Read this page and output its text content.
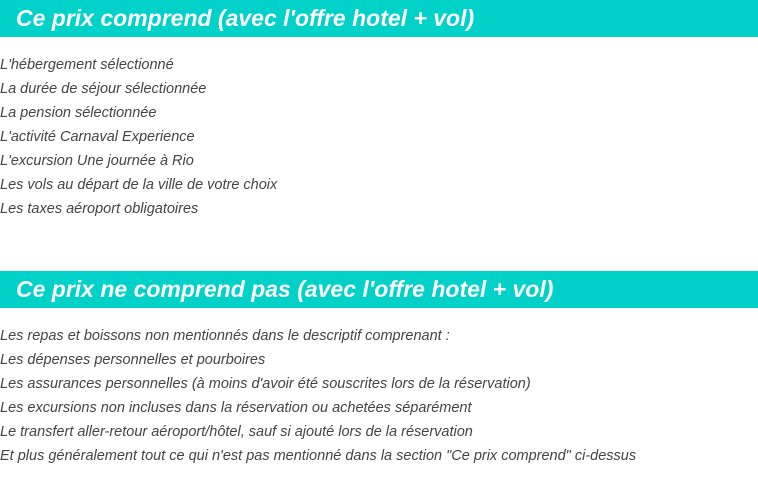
Ce prix comprend (avec l'offre hotel + vol)
L'hébergement sélectionné
La durée de séjour sélectionnée
La pension sélectionnée
L'activité Carnaval Experience
L'excursion Une journée à Rio
Les vols au départ de la ville de votre choix
Les taxes aéroport obligatoires
Ce prix ne comprend pas (avec l'offre hotel + vol)
Les repas et boissons non mentionnés dans le descriptif comprenant :
Les dépenses personnelles et pourboires
Les assurances personnelles (à moins d'avoir été souscrites lors de la réservation)
Les excursions non incluses dans la réservation ou achetées séparément
Le transfert aller-retour aéroport/hôtel, sauf si ajouté lors de la réservation
Et plus généralement tout ce qui n'est pas mentionné dans la section "Ce prix comprend" ci-dessus
